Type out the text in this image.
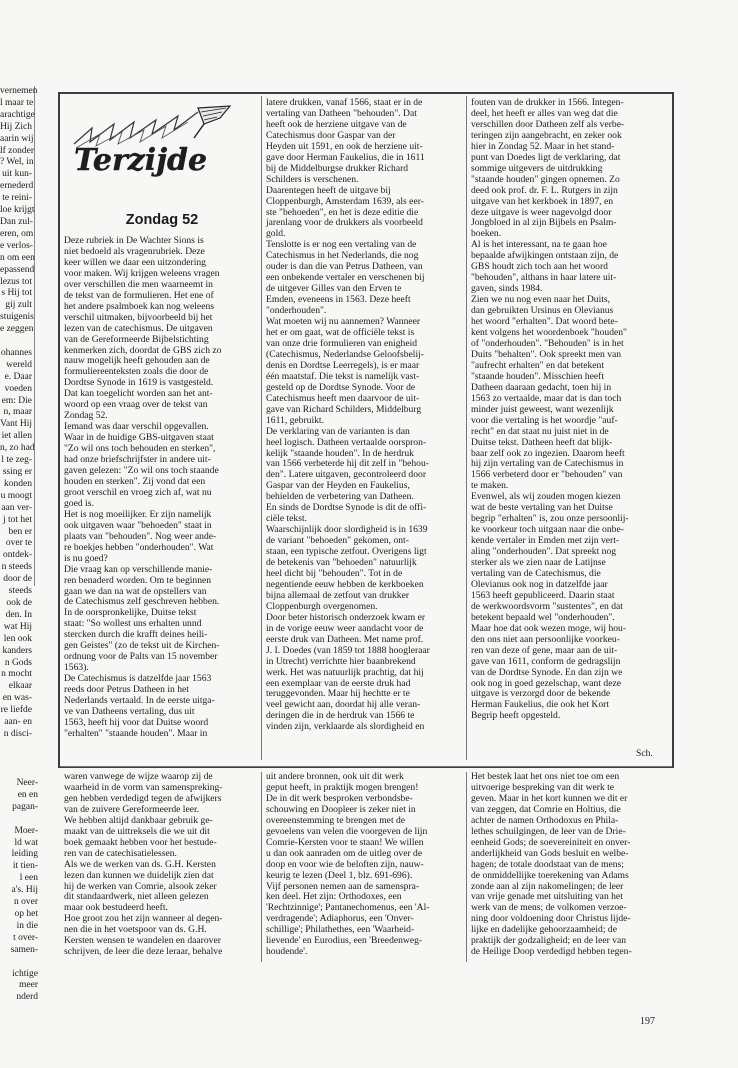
vernemen
l maar te
arachtige
Hij Zich
aarin wij
lf zonder
? Wel, in
uit kun-
ernederd
te reini-
loe krijgt
Dan zul-
eren, om
e verlos-
n om een
epassend
lezus tot
s Hij tot
gij zult
stuigenis
e zeggen

ohannes
wereld
e. Daar
voeden
em: Die
n, maar
Vant Hij
iet allen
n, zo had
l te zeg-
ssing er
konden
u moogt
aan ver-
j tot het
ben er
over te
ontdek-
n steeds
door de
steeds
ook de
den. In
wat Hij
len ook
kanders
n Gods
n mocht
elkaar
en was-
re liefde
aan- en
n disci-
Neer-
en en
pagan-

Moer-
ld wat
leiding
it tien-
l een
a's. Hij
n over
op het
in die
t over-
samen-

ichtige
meer
nderd
Terzijde
Zondag 52
Deze rubriek in De Wachter Sions is
niet bedoeld als vragenrubriek. Deze
keer willen we daar een uitzondering
voor maken. Wij krijgen weleens vragen
over verschillen die men waarneemt in
de tekst van de formulieren. Het ene of
het andere psalmboek kan nog weleens
verschil uitmaken, bijvoorbeeld bij het
lezen van de catechismus. De uitgaven
van de Gereformeerde Bijbelstichting
kenmerken zich, doordat de GBS zich zo
nauw mogelijk heeft gehouden aan de
formuliereenteksten zoals die door de
Dordtse Synode in 1619 is vastgesteld.
Dat kan toegelicht worden aan het ant-
woord op een vraag over de tekst van
Zondag 52.
Iemand was daar verschil opgevallen.
Waar in de huidige GBS-uitgaven staat
"Zo wil ons toch behouden en sterken",
had onze briefschrijfster in andere uit-
gaven gelezen: "Zo wil ons toch staande
houden en sterken". Zij vond dat een
groot verschil en vroeg zich af, wat nu
goed is.
Het is nog moeilijker. Er zijn namelijk
ook uitgaven waar "behoeden" staat in
plaats van "behouden". Nog weer ande-
re boekjes hebben "onderhouden". Wat
is nu goed?
Die vraag kan op verschillende manie-
ren benaderd worden. Om te beginnen
gaan we dan na wat de opstellers van
de Catechismus zelf geschreven hebben.
In de oorspronkelijke, Duitse tekst
staat: "So wollest uns erhalten unnd
stercken durch die krafft deines heili-
gen Geistes" (zo de tekst uit de Kirchen-
ordnung voor de Palts van 15 november
1563).
De Catechismus is datzelfde jaar 1563
reeds door Petrus Datheen in het
Nederlands vertaald. In de eerste uitga-
ve van Datheens vertaling, dus uit
1563, heeft hij voor dat Duitse woord
"erhalten" "staande houden". Maar in
latere drukken, vanaf 1566, staat er in de
vertaling van Datheen "behouden". Dat
heeft ook de herziene uitgave van de
Catechismus door Gaspar van der
Heyden uit 1591, en ook de herziene uit-
gave door Herman Faukelius, die in 1611
bij de Middelburgse drukker Richard
Schilders is verschenen.
Daarentegen heeft de uitgave bij
Cloppenburgh, Amsterdam 1639, als eer-
ste "behoeden", en het is deze editie die
jarenlang voor de drukkers als voorbeeld
gold.
Tenslotte is er nog een vertaling van de
Catechismus in het Nederlands, die nog
ouder is dan die van Petrus Datheen, van
een onbekende vertaler en verschenen bij
de uitgever Gilles van den Erven te
Emden, eveneens in 1563. Deze heeft
"onderhouden".
Wat moeten wij nu aannemen? Wanneer
het er om gaat, wat de officiële tekst is
van onze drie formulieren van enigheid
(Catechismus, Nederlandse Geloofsbelij-
denis en Dordtse Leerregels), is er maar
één maatstaf. Die tekst is namelijk vast-
gesteld op de Dordtse Synode. Voor de
Catechismus heeft men daarvoor de uit-
gave van Richard Schilders, Middelburg
1611, gebruikt.
De verklaring van de varianten is dan
heel logisch. Datheen vertaalde oorspron-
kelijk "staande houden". In de herdruk
van 1566 verbeterde hij dit zelf in "behou-
den". Latere uitgaven, gecontroleerd door
Gaspar van der Heyden en Faukelius,
behielden de verbetering van Datheen.
En sinds de Dordtse Synode is dit de offi-
ciële tekst.
Waarschijnlijk door slordigheid is in 1639
de variant "behoeden" gekomen, ont-
staan, een typische zetfout. Overigens ligt
de betekenis van "behoeden" natuurlijk
heel dicht bij "behouden". Tot in de
negentiende eeuw hebben de kerkboeken
bijna allemaal de zetfout van drukker
Cloppenburgh overgenomen.
Door beter historisch onderzoek kwam er
in de vorige eeuw weer aandacht voor de
eerste druk van Datheen. Met name prof.
J. I. Doedes (van 1859 tot 1888 hoogleraar
in Utrecht) verrichtte hier baanbrekend
werk. Het was natuurlijk prachtig, dat hij
een exemplaar van de eerste druk had
teruggevonden. Maar hij hechtte er te
veel gewicht aan, doordat hij alle veran-
deringen die in de herdruk van 1566 te
vinden zijn, verklaarde als slordigheid en
fouten van de drukker in 1566. Integen-
deel, het heeft er alles van weg dat die
verschillen door Datheen zelf als verbe-
teringen zijn aangebracht, en zeker ook
hier in Zondag 52. Maar in het stand-
punt van Doedes ligt de verklaring, dat
sommige uitgevers de uitdrukking
"staande houden" gingen opnemen. Zo
deed ook prof. dr. F. L. Rutgers in zijn
uitgave van het kerkboek in 1897, en
deze uitgave is weer nagevolgd door
Jongbloed in al zijn Bijbels en Psalm-
boeken.
Al is het interessant, na te gaan hoe
bepaalde afwijkingen ontstaan zijn, de
GBS houdt zich toch aan het woord
"behouden", althans in haar latere uit-
gaven, sinds 1984.
Zien we nu nog even naar het Duits,
dan gebruikten Ursinus en Olevianus
het woord "erhalten". Dat woord bete-
kent volgens het woordenboek "houden"
of "onderhouden". "Behouden" is in het
Duits "behalten". Ook spreekt men van
"aufrecht erhalten" en dat betekent
"staande houden". Misschien heeft
Datheen daaraan gedacht, toen hij in
1563 zo vertaalde, maar dat is dan toch
minder juist geweest, want wezenlijk
voor die vertaling is het woordje "auf-
recht" en dat staat nu juist niet in de
Duitse tekst. Datheen heeft dat blijk-
baar zelf ook zo ingezien. Daarom heeft
hij zijn vertaling van de Catechismus in
1566 verbeterd door er "behouden" van
te maken.
Evenwel, als wij zouden mogen kiezen
wat de beste vertaling van het Duitse
begrip "erhalten" is, zou onze persoonlij-
ke voorkeur toch uitgaan naar die onbe-
kende vertaler in Emden met zijn vert-
aling "onderhouden". Dat spreekt nog
sterker als we zien naar de Latijnse
vertaling van de Catechismus, die
Olevianus ook nog in datzelfde jaar
1563 heeft gepubliceerd. Daarin staat
de werkwoordsvorm "sustentes", en dat
betekent bepaald wel "onderhouden".
Maar hoe dat ook wezen moge, wij hou-
den ons niet aan persoonlijke voorkeu-
ren van deze of gene, maar aan de uit-
gave van 1611, conform de gedragslijn
van de Dordtse Synode. En dan zijn we
ook nog in goed gezelschap, want deze
uitgave is verzorgd door de bekende
Herman Faukelius, die ook het Kort
Begrip heeft opgesteld.
Sch.
waren vanwege de wijze waarop zij de
waarheid in de vorm van samenspreking-
gen hebben verdedigd tegen de afwijkers
van de zuivere Gereformeerde leer.
We hebben altijd dankbaar gebruik ge-
maakt van de uittreksels die we uit dit
boek gemaakt hebben voor het bestude-
ren van de catechisatielessen.
Als we de werken van ds. G.H. Kersten
lezen dan kunnen we duidelijk zien dat
hij de werken van Comrie, alsook zeker
dit standaardwerk, niet alleen gelezen
maar ook bestudeerd heeft.
Hoe groot zou het zijn wanneer al degen-
nen die in het voetspoor van ds. G.H.
Kersten wensen te wandelen en daarover
schrijven, de leer die deze leraar, behalve
uit andere bronnen, ook uit dit werk
geput heeft, in praktijk mogen brengen!
De in dit werk besproken verbondsbe-
schouwing en Doopleer is zeker niet in
overeenstemming te brengen met de
gevoelens van velen die voorgeven de lijn
Comrie-Kersten voor te staan! We willen
u dan ook aanraden om de uitleg over de
doop en voor wie de beloften zijn, nauw-
keurig te lezen (Deel 1, blz. 691-696).
Vijf personen nemen aan de samenspra-
ken deel. Het zijn: Orthodoxes, een
'Rechtzinnige'; Pantanechomenus, een 'Al-
verdragende'; Adiaphorus, een 'Onver-
schillige'; Philathethes, een 'Waarheid-
lievende' en Eurodius, een 'Breedenweg-
houdende'.
Het bestek laat het ons niet toe om een
uitvoerige bespreking van dit werk te
geven. Maar in het kort kunnen we dit er
van zeggen, dat Comrie en Holtius, die
achter de namen Orthodoxus en Phila-
lethes schuilgingen, de leer van de Drie-
eenheid Gods; de soevereiniteit en onver-
anderlijkheid van Gods besluit en welbe-
hagen; de totale doodstaat van de mens;
de onmiddellijke toerekening van Adams
zonde aan al zijn nakomelingen; de leer
van vrije genade met uitsluiting van het
werk van de mens; de volkomen verzoe-
ning door voldoening door Christus lijde-
lijke en dadelijke gehoorzaamheid; de
praktijk der godzaligheid; en de leer van
de Heilige Doop verdedigd hebben tegen-
197
